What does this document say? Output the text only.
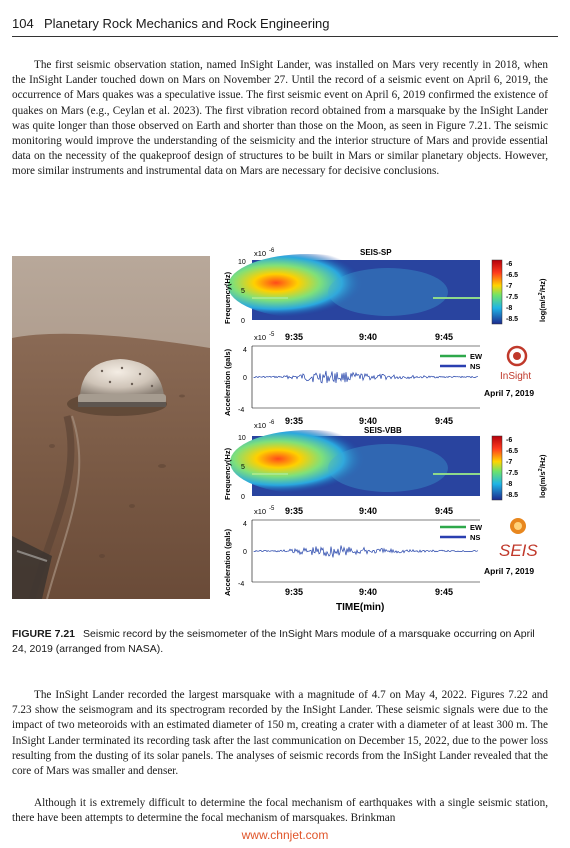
104 Planetary Rock Mechanics and Rock Engineering

The first seismic observation station, named InSight Lander, was installed on Mars very recently in 2018, when the InSight Lander touched down on Mars on November 27. Until the record of a seismic event on April 6, 2019, the occurrence of Mars quakes was a speculative issue. The first seismic event on April 6, 2019 confirmed the existence of quakes on Mars (e.g., Ceylan et al. 2023). The first vibration record obtained from a marsquake by the InSight Lander was quite longer than those observed on Earth and shorter than those on the Moon, as seen in Figure 7.21. The seismic monitoring would improve the understanding of the seismicity and the interior structure of Mars and provide essential data on the necessity of the quakeproof design of structures to be built in Mars or similar planetary objects. However, more similar instruments and instrumental data on Mars are necessary for decisive conclusions.

SEIS-SP
x10 -6
10
5
0
Frequency(Hz)
-6
-6.5
-7
-7.5
-8
-8.5	$\log(m/s^2/Hz)$
x10 -5 9:35	9:40	9:45
4
0
-4
Acceleration (gals)	EW
NS
InSight
April 7, 2019
x10 -6 9:35	9:40	9:45
SEIS-VBB
10
5
0
Frequency(Hz)
-6
-6.5
-7
-7.5
-8
-8.5	$\log(m/s^2/Hz)$
x10 -5 9:35	9:40	9:45
4
0
-4
Acceleration (gals)
EW
NS
SEIS
April 7, 2019
9:35	9:40	9:45
TIME(min)
FIGURE 7.21 Seismic record by the seismometer of the InSight Mars module of a marsquake occurring on April 24, 2019 (arranged from NASA).

The InSight Lander recorded the largest marsquake with a magnitude of 4.7 on May 4, 2022. Figures 7.22 and 7.23 show the seismogram and its spectrogram recorded by the InSight Lander. These seismic signals were due to the impact of two meteoroids with an estimated diameter of 150 m, creating a crater with a diameter of at least 300 m. The InSight Lander terminated its recording task after the last communication on December 15, 2022, due to the power loss resulting from the dusting of its solar panels. The analyses of seismic records from the InSight Lander revealed that the core of Mars was smaller and denser.

Although it is extremely difficult to determine the focal mechanism of earthquakes with a single seismic station, there have been attempts to determine the focal mechanism of marsquakes. Brinkman

www.chnjet.com
